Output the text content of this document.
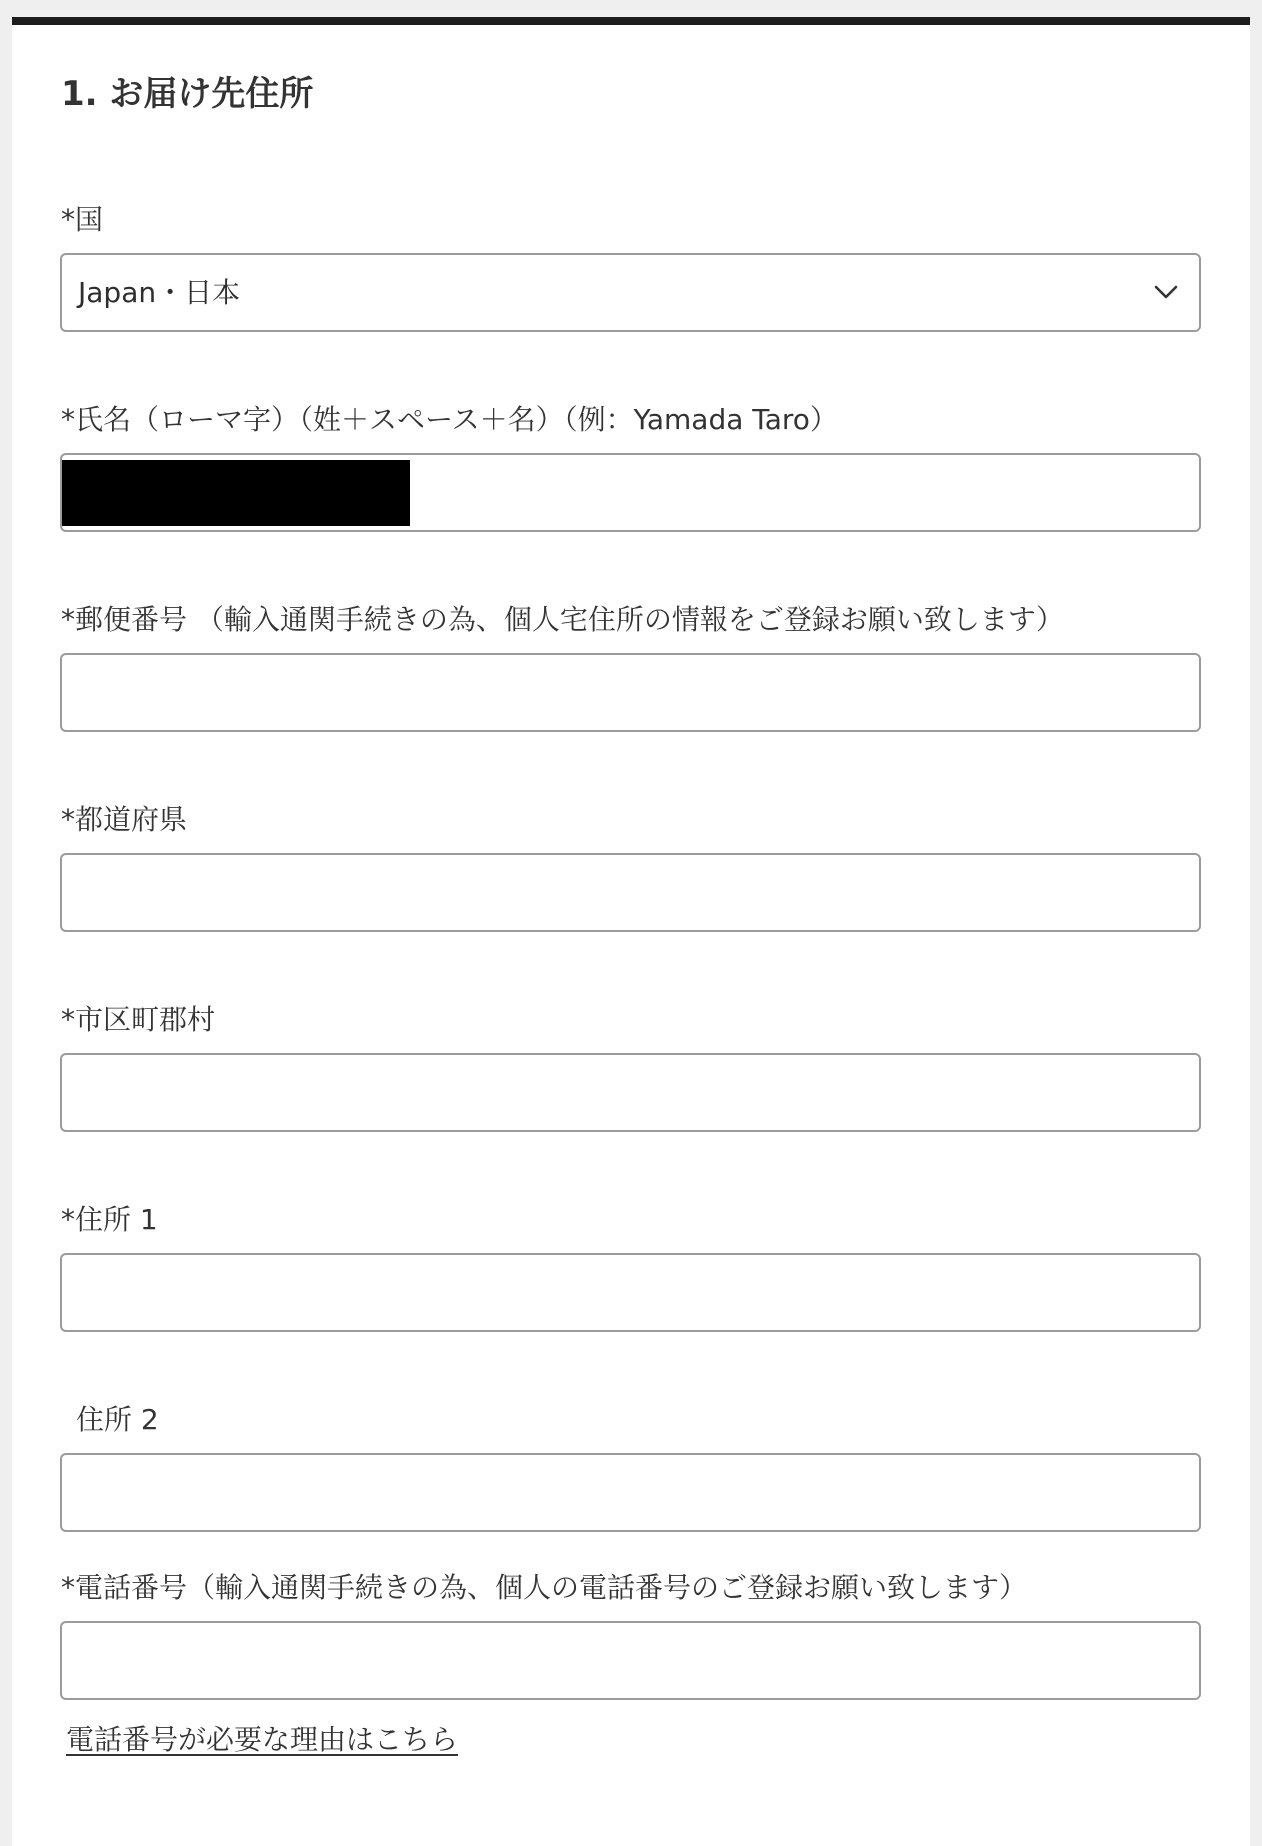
1. お届け先住所
*国
Japan・日本
*氏名（ローマ字）（姓＋スペース＋名）（例：Yamada Taro）
*郵便番号 （輸入通関手続きの為、個人宅住所の情報をご登録お願い致します）
*都道府県
*市区町郡村
*住所 1
住所 2
*電話番号（輸入通関手続きの為、個人の電話番号のご登録お願い致します）
電話番号が必要な理由はこちら
